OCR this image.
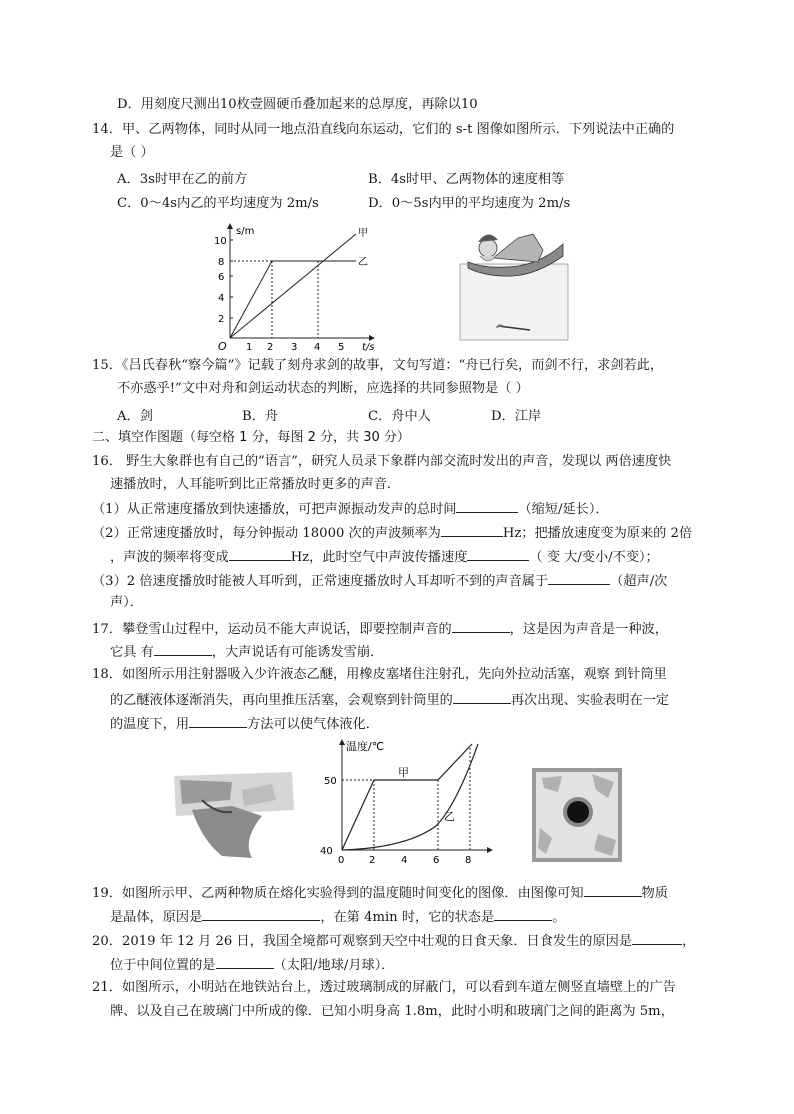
D．用刻度尺测出10枚壹圆硬币叠加起来的总厚度，再除以10
14．甲、乙两物体，同时从同一地点沿直线向东运动，它们的 s-t 图像如图所示．下列说法中正确的
是（ ）
A．3s时甲在乙的前方	B．4s时甲、乙两物体的速度相等
C．0～4s内乙的平均速度为 2m/s	D．0～5s内甲的平均速度为 2m/s
s/m
t/s
O
2
4
6
8
10
1 2 3 4 5
甲
乙
15．《吕氏春秋“察今篇”》记载了刻舟求剑的故事，文句写道：“舟已行矣，而剑不行，求剑若此，
不亦惑乎!”文中对舟和剑运动状态的判断，应选择的共同参照物是（ ）
A．剑	B．舟	C．舟中人	D．江岸
二、填空作图题（每空格 1 分，每图 2 分，共 30 分）
16． 野生大象群也有自己的“语言”，研究人员录下象群内部交流时发出的声音，发现以 两倍速度快
速播放时，人耳能听到比正常播放时更多的声音．
（1）从正常速度播放到快速播放，可把声源振动发声的总时间	（缩短/延长）．
（2）正常速度播放时，每分钟振动 18000 次的声波频率为	Hz；把播放速度变为原来的 2倍
，声波的频率将变成	Hz，此时空气中声波传播速度	（ 变 大/变小/不变）；
（3）2 倍速度播放时能被人耳听到，正常速度播放时人耳却听不到的声音属于	（超声/次
声）．
17．攀登雪山过程中，运动员不能大声说话，即要控制声音的	，这是因为声音是一种波，
它具 有	，大声说话有可能诱发雪崩．
18．如图所示用注射器吸入少许液态乙醚，用橡皮塞堵住注射孔，先向外拉动活塞，观察 到针筒里
的乙醚液体逐渐消失，再向里推压活塞，会观察到针筒里的	再次出现、实验表明在一定
的温度下，用	方法可以使气体液化．
温度/℃
50
40
0 2	4	6	8
甲
乙
19．如图所示甲、乙两种物质在熔化实验得到的温度随时间变化的图像．由图像可知	物质
是晶体，原因是	，在第 4min 时，它的状态是	。
20．2019 年 12 月 26 日，我国全境都可观察到天空中壮观的日食天象．日食发生的原因是	，
位于中间位置的是	（太阳/地球/月球）．
21．如图所示，小明站在地铁站台上，透过玻璃制成的屏蔽门，可以看到车道左侧竖直墙壁上的广告
牌、以及自己在玻璃门中所成的像．已知小明身高 1.8m，此时小明和玻璃门之间的距离为 5m，
